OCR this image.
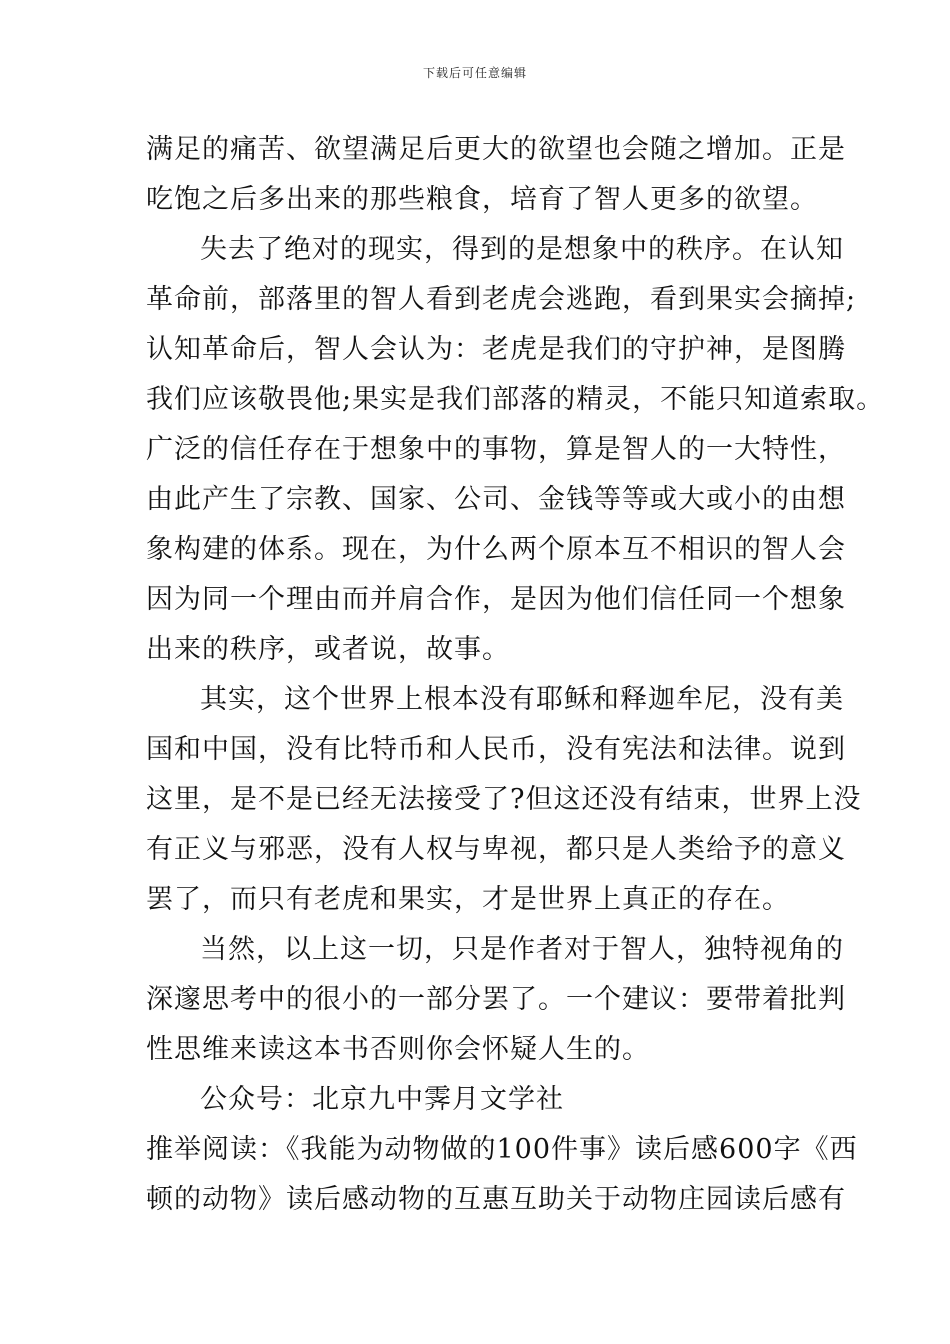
下载后可任意编辑
满足的痛苦、欲望满足后更大的欲望也会随之增加。正是
吃饱之后多出来的那些粮食，培育了智人更多的欲望。
失去了绝对的现实，得到的是想象中的秩序。在认知
革命前，部落里的智人看到老虎会逃跑，看到果实会摘掉;
认知革命后，智人会认为：老虎是我们的守护神，是图腾
我们应该敬畏他;果实是我们部落的精灵，不能只知道索取。
广泛的信任存在于想象中的事物，算是智人的一大特性，
由此产生了宗教、国家、公司、金钱等等或大或小的由想
象构建的体系。现在，为什么两个原本互不相识的智人会
因为同一个理由而并肩合作，是因为他们信任同一个想象
出来的秩序，或者说，故事。
其实，这个世界上根本没有耶稣和释迦牟尼，没有美
国和中国，没有比特币和人民币，没有宪法和法律。说到
这里，是不是已经无法接受了?但这还没有结束，世界上没
有正义与邪恶，没有人权与卑视，都只是人类给予的意义
罢了，而只有老虎和果实，才是世界上真正的存在。
当然，以上这一切，只是作者对于智人，独特视角的
深邃思考中的很小的一部分罢了。一个建议：要带着批判
性思维来读这本书否则你会怀疑人生的。
公众号：北京九中霁月文学社
推举阅读：《我能为动物做的100件事》读后感600字《西
顿的动物》读后感动物的互惠互助关于动物庄园读后感有
